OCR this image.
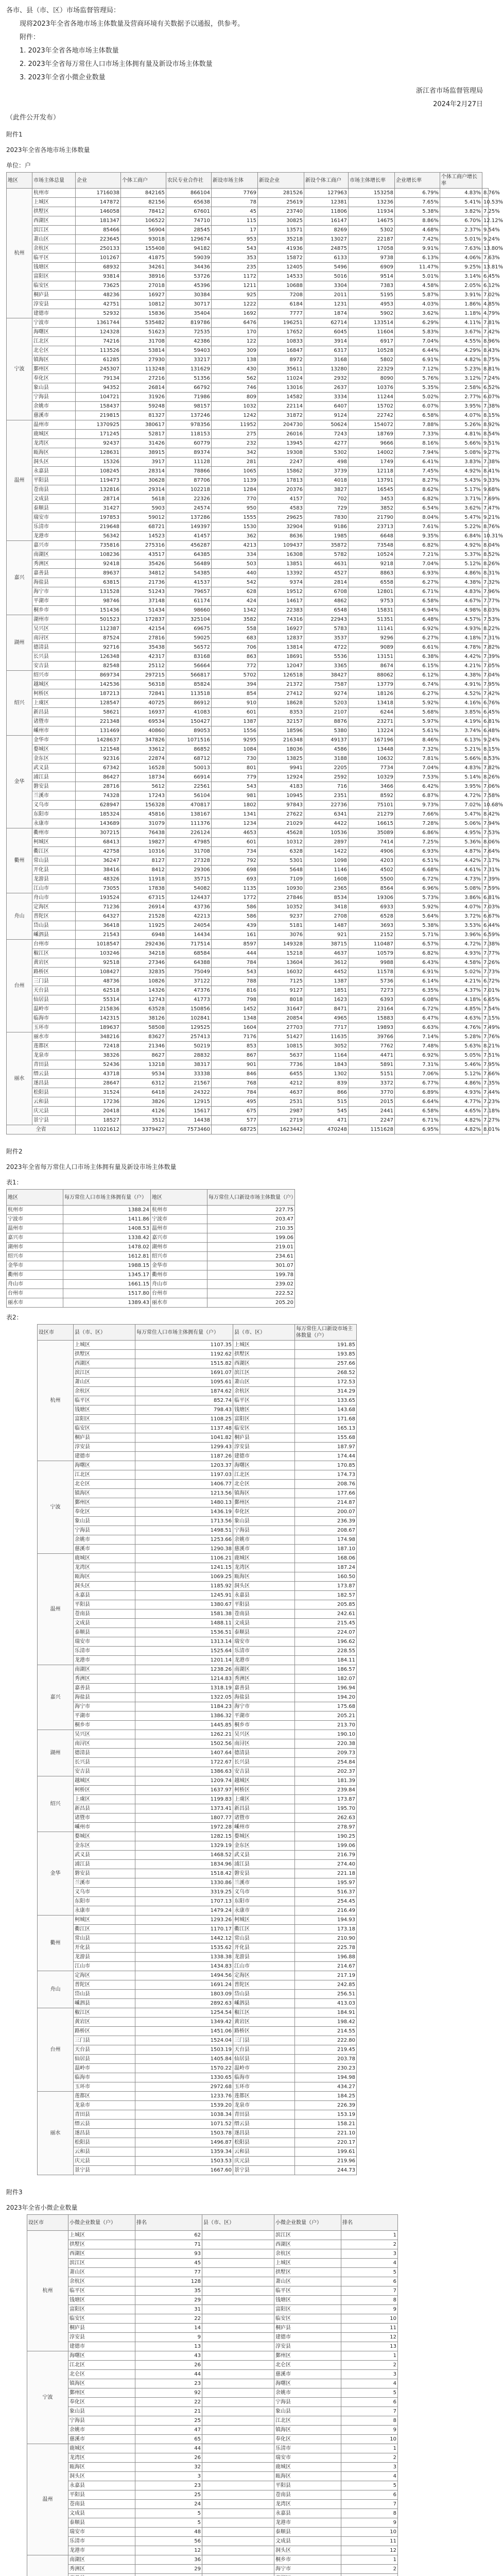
各市、县（市、区）市场监督管理局：

现将2023年全省各地市场主体数量及营商环境有关数据予以通报，供参考。

附件：

1. 2023年全省各地市场主体数量

2. 2023年全省每万常住人口市场主体拥有量及新设市场主体数量

3. 2023年全省小微企业数量

浙江省市场监督管理局

2024年2月27日

（此件公开发布）

附件1

2023年全省各地市场主体数量

单位：户

地区	市场主体总量	企业	个体工商户	农民专业合作社	新设市场主体	新设企业	新设个体工商户	市场主体增长率	企业增长率	个体工商户增长率	
杭州	杭州市	1716038	842165	866104	7769	281526	127963	153258	6.79%	4.83%	8.76%
	上城区	147872	82156	65638	78	25619	12381	13236	7.65%	5.41%	10.53%
	拱墅区	146058	78412	67601	45	23740	11806	11934	5.38%	3.82%	7.25%
	西湖区	181347	106522	74710	115	30825	16147	14675	8.86%	6.70%	12.12%
	滨江区	85466	56904	28545	17	13571	8269	5302	4.68%	2.37%	9.54%
	萧山区	223645	93018	129674	953	35218	13027	22187	7.42%	5.01%	9.24%
	余杭区	250133	155408	94182	543	41936	24875	17058	9.91%	7.63%	13.80%
	临平区	101267	41875	59039	353	15872	6133	9738	6.13%	4.06%	7.63%
	钱塘区	68932	34261	34436	235	12405	5496	6909	11.47%	9.25%	13.81%
	富阳区	93814	38916	53726	1172	14533	5016	9514	5.01%	3.14%	6.45%
	临安区	73625	27018	45396	1211	10688	3304	7383	4.58%	2.05%	6.12%
	桐庐县	48236	16927	30384	925	7208	2011	5195	5.87%	3.91%	7.02%
	淳安县	42751	10812	30717	1222	6184	1231	4953	4.03%	1.86%	4.85%
	建德市	52932	15836	35404	1692	7777	1874	5902	3.62%	1.18%	4.79%
宁波	宁波市	1361744	535482	819786	6476	196251	62714	133514	6.29%	4.11%	7.81%
	海曙区	124328	51623	72535	170	17652	6045	11604	5.83%	3.67%	7.42%
	江北区	74216	31708	42386	122	10833	3914	6917	7.04%	4.55%	8.96%
	北仑区	113526	53814	59403	309	16847	6317	10528	6.44%	4.29%	8.43%
	镇海区	61285	27930	33217	138	8972	3168	5802	6.91%	4.82%	8.75%
	鄞州区	245307	113248	131629	430	35611	13280	22329	7.12%	5.23%	8.81%
	奉化区	79134	27216	51356	562	11024	2932	8090	5.76%	3.12%	7.24%
	象山县	94352	26814	66792	746	13016	2637	10376	5.35%	2.58%	6.52%
	宁海县	104721	31926	71986	809	14582	3334	11244	5.02%	2.77%	6.07%
	余姚市	158437	59248	98157	1032	22114	6407	15702	6.07%	3.95%	7.38%
	慈溪市	219815	81327	137246	1242	31872	9124	22742	6.58%	4.07%	8.15%
温州	温州市	1370925	380617	978356	11952	204730	50624	154072	7.88%	5.26%	8.92%
	鹿城区	171245	52817	118153	275	26016	7243	18769	7.33%	4.81%	8.54%
	龙湾区	92437	31426	60779	232	13945	4277	9666	8.16%	5.66%	9.51%
	瓯海区	128631	38915	89374	342	19308	5302	14002	7.94%	5.08%	9.27%
	洞头区	15326	3917	11128	281	2247	498	1749	6.41%	3.83%	7.38%
	永嘉县	108245	28314	78866	1065	15862	3739	12118	7.45%	4.92%	8.41%
	平阳县	119473	30628	87706	1139	17813	4018	13791	8.27%	5.43%	9.33%
	苍南县	132816	29314	102218	1284	20376	3827	16545	8.62%	5.17%	9.68%
	文成县	28714	5618	22326	770	4157	702	3453	6.82%	3.71%	7.69%
	泰顺县	31427	5903	24574	950	4583	729	3852	6.54%	3.62%	7.47%
	瑞安市	197853	59012	137286	1555	29625	7830	21790	8.04%	5.47%	9.21%
	乐清市	219648	68721	149397	1530	32904	9186	23713	7.61%	5.22%	8.76%
	龙港市	56342	14523	41457	362	8636	1985	6648	9.35%	6.84%	10.31%
嘉兴	嘉兴市	735816	275316	456287	4213	109437	35872	73548	6.82%	4.92%	8.04%
	南湖区	108236	43517	64385	334	16308	5782	10524	7.21%	5.37%	8.52%
	秀洲区	92418	35426	56489	503	13851	4631	9218	7.04%	5.12%	8.26%
	嘉善县	89637	34812	54385	440	13392	4527	8863	6.93%	4.86%	8.31%
	海盐县	63815	21736	41537	542	9374	2814	6558	6.27%	4.38%	7.32%
	海宁市	131528	51243	79657	628	19512	6708	12801	6.71%	4.83%	7.96%
	平湖市	98746	37148	61174	424	14617	4862	9753	6.58%	4.67%	7.77%
	桐乡市	151436	51434	98660	1342	22383	6548	15831	6.94%	4.98%	8.03%
湖州	湖州市	501523	172837	325104	3582	74316	22943	51351	6.48%	4.57%	7.53%
	吴兴区	112387	42154	69675	558	16927	5783	11141	6.92%	4.93%	8.22%
	南浔区	87524	27816	59025	683	12837	3537	9296	6.27%	4.18%	7.31%
	德清县	92716	35438	56572	706	13814	4722	9089	6.61%	4.78%	7.82%
	长兴县	126348	42317	83168	863	18691	5536	13151	6.38%	4.42%	7.39%
	安吉县	82548	25112	56664	772	12047	3365	8674	6.15%	4.21%	7.05%
绍兴	绍兴市	869734	297215	566817	5702	126518	38427	88062	6.12%	4.38%	7.04%
	越城区	142536	56318	85824	394	21372	7587	13779	6.74%	4.91%	7.95%
	柯桥区	187213	72841	113518	854	27412	9274	18126	6.27%	4.52%	7.42%
	上虞区	128547	40725	86912	910	18628	5203	13418	5.92%	4.16%	6.76%
	新昌县	58621	16937	41083	601	8353	2107	6244	5.68%	3.85%	6.45%
	诸暨市	221348	69534	150427	1387	32157	8876	23271	5.97%	4.19%	6.81%
	嵊州市	131469	40860	89053	1556	18596	5380	13224	5.61%	3.74%	6.48%
金华	金华市	1428637	347826	1071516	9295	216348	49137	167196	8.46%	6.13%	9.24%
	婺城区	121548	33612	86852	1084	18036	4586	13448	7.32%	5.21%	8.15%
	金东区	92316	22874	68712	730	13825	3188	10632	7.81%	5.66%	8.53%
	武义县	67342	16528	50013	801	9941	2205	7734	7.04%	4.83%	7.82%
	浦江县	86427	18734	66914	779	12924	2592	10329	7.53%	5.14%	8.26%
	磐安县	28716	5612	22561	543	4183	716	3466	6.42%	3.95%	7.06%
	兰溪市	74328	17243	56104	981	10945	2351	8592	6.87%	4.72%	7.58%
	义乌市	628947	156328	470817	1802	97843	22736	75101	9.73%	7.02%	10.68%
	东阳市	185324	45816	138167	1341	27622	6341	21279	7.66%	5.47%	8.42%
	永康市	143689	31079	111376	1234	21029	4422	16615	7.28%	5.06%	7.94%
衢州	衢州市	307215	76438	226124	4653	45628	10536	35089	6.86%	4.95%	7.53%
	柯城区	68413	19827	47985	601	10312	2897	7414	7.25%	5.36%	8.06%
	衢江区	42758	10316	31708	734	6328	1422	4906	6.93%	4.87%	7.64%
	常山县	36247	8127	27328	792	5301	1098	4203	6.51%	4.42%	7.17%
	开化县	38416	8412	29306	698	5648	1146	4502	6.68%	4.61%	7.31%
	龙游县	48326	11918	35715	693	7109	1608	5500	6.72%	4.73%	7.39%
	江山市	73055	17838	54082	1135	10930	2365	8564	6.96%	5.08%	7.59%
舟山	舟山市	193524	67315	124437	1772	27846	8534	19306	5.73%	3.86%	6.81%
	定海区	71236	26914	43736	586	10352	3418	6933	5.92%	4.07%	7.03%
	普陀区	64327	21528	42213	586	9237	2708	6528	5.64%	3.72%	6.67%
	岱山县	36418	11925	24054	439	5181	1487	3693	5.38%	3.53%	6.44%
	嵊泗县	21543	6948	14434	161	3076	921	2152	5.71%	3.96%	6.59%
台州	台州市	1018547	292436	717514	8597	149328	38715	110487	6.57%	4.72%	7.38%
	椒江区	103246	34218	68584	444	15218	4637	10579	6.82%	4.93%	7.77%
	黄岩区	92518	27346	64388	784	13604	3612	9988	6.43%	4.58%	7.26%
	路桥区	108427	32835	75049	543	16032	4452	11578	6.91%	5.02%	7.73%
	三门县	48736	10826	37122	788	7125	1387	5736	6.14%	4.21%	6.72%
	天台县	62518	14326	47376	816	9127	1851	7273	6.35%	4.37%	7.01%
	仙居县	55314	12743	41773	798	8018	1623	6393	6.08%	4.18%	6.65%
	温岭市	215836	63528	150856	1452	31647	8471	23164	6.72%	4.85%	7.54%
	临海市	142315	38126	102841	1348	20854	4965	15883	6.47%	4.63%	7.15%
	玉环市	189637	58508	129525	1604	27703	7717	19893	6.63%	4.76%	7.49%
丽水	丽水市	348216	83627	257413	7176	51427	11635	39766	7.14%	5.28%	7.76%
	莲都区	72418	21346	50219	853	10815	3052	7762	7.48%	5.63%	8.21%
	龙泉市	38326	8627	28832	867	5637	1164	4471	6.92%	5.05%	7.51%
	青田县	52436	13218	38317	901	7736	1843	5891	7.31%	5.46%	7.95%
	缙云县	43718	9534	33338	846	6455	1302	5151	7.06%	5.12%	7.66%
	遂昌县	28647	6312	21567	768	4212	839	3372	6.77%	4.86%	7.35%
	松阳县	31524	6418	24322	784	4637	866	3770	6.89%	4.93%	7.44%
	云和县	17236	3826	12915	495	2531	515	2015	6.64%	4.77%	7.23%
	庆元县	20418	4126	15617	675	2987	545	2441	6.58%	4.65%	7.18%
	景宁县	18527	3512	14438	577	2719	471	2247	6.71%	4.82%	7.27%
全省		11021612	3379427	7573460	68725	1623442	470248	1151628	6.95%	4.82%	8.01%

附件2

2023年全省每万常住人口市场主体拥有量及新设市场主体数量

表1：

地区	每万常住人口市场主体拥有量（户）	地区	每万常住人口新设市场主体数量（户）
杭州市	1388.24	杭州市	227.75
宁波市	1411.86	宁波市	203.47
温州市	1408.53	温州市	210.35
嘉兴市	1338.42	嘉兴市	199.06
湖州市	1478.02	湖州市	219.01
绍兴市	1612.81	绍兴市	234.61
金华市	1988.15	金华市	301.07
衢州市	1345.17	衢州市	199.78
舟山市	1661.15	舟山市	239.02
台州市	1517.80	台州市	222.52
丽水市	1389.43	丽水市	205.20

表2：

设区市	县（市、区）	每万常住人口市场主体拥有量（户）	县（市、区）	每万常住人口新设市场主体数量（户）
杭州	上城区	1107.35	上城区	191.85
	拱墅区	1192.62	拱墅区	193.85
	西湖区	1515.82	西湖区	257.66
	滨江区	1691.07	滨江区	268.52
	萧山区	1095.61	萧山区	172.53
	余杭区	1874.62	余杭区	314.29
	临平区	852.74	临平区	133.65
	钱塘区	798.43	钱塘区	143.68
	富阳区	1108.25	富阳区	171.68
	临安区	1137.48	临安区	165.13
	桐庐县	1041.82	桐庐县	155.68
	淳安县	1299.43	淳安县	187.97
	建德市	1187.26	建德市	174.44
宁波	海曙区	1203.37	海曙区	170.85
	江北区	1197.03	江北区	174.73
	北仑区	1406.77	北仑区	208.76
	镇海区	1213.56	镇海区	177.66
	鄞州区	1480.13	鄞州区	214.87
	奉化区	1436.19	奉化区	200.07
	象山县	1713.56	象山县	236.39
	宁海县	1498.51	宁海县	208.67
	余姚市	1253.66	余姚市	174.98
	慈溪市	1290.38	慈溪市	187.10
温州	鹿城区	1106.21	鹿城区	168.06
	龙湾区	1241.15	龙湾区	187.24
	瓯海区	1069.25	瓯海区	160.50
	洞头区	1185.92	洞头区	173.87
	永嘉县	1245.91	永嘉县	182.57
	平阳县	1380.67	平阳县	205.85
	苍南县	1581.38	苍南县	242.61
	文成县	1488.11	文成县	215.45
	泰顺县	1536.51	泰顺县	224.07
	瑞安市	1313.14	瑞安市	196.62
	乐清市	1525.64	乐清市	228.55
	龙港市	1201.14	龙港市	184.11
嘉兴	南湖区	1238.26	南湖区	186.57
	秀洲区	1214.83	秀洲区	182.07
	嘉善县	1318.19	嘉善县	196.94
	海盐县	1322.05	海盐县	194.20
	海宁市	1184.23	海宁市	175.68
	平湖市	1386.32	平湖市	205.21
	桐乡市	1445.85	桐乡市	213.70
湖州	吴兴区	1262.21	吴兴区	190.10
	南浔区	1502.56	南浔区	220.38
	德清县	1407.64	德清县	209.73
	长兴县	1722.67	长兴县	254.84
	安吉县	1386.63	安吉县	202.37
绍兴	越城区	1209.74	越城区	181.39
	柯桥区	1637.97	柯桥区	239.84
	上虞区	1199.83	上虞区	173.87
	新昌县	1373.41	新昌县	195.70
	诸暨市	1807.77	诸暨市	262.63
	嵊州市	1972.28	嵊州市	278.97
金华	婺城区	1282.15	婺城区	190.25
	金东区	1329.19	金东区	199.06
	武义县	1468.52	武义县	216.79
	浦江县	1834.96	浦江县	274.40
	磐安县	1518.42	磐安县	221.18
	兰溪市	1330.86	兰溪市	195.97
	义乌市	3319.25	义乌市	516.37
	东阳市	1707.13	东阳市	254.45
	永康市	1479.24	永康市	216.49
衢州	柯城区	1293.26	柯城区	194.93
	衢江区	1170.17	衢江区	173.18
	常山县	1442.12	常山县	210.90
	开化县	1535.62	开化县	225.78
	龙游县	1338.38	龙游县	196.88
	江山市	1434.83	江山市	214.67
舟山	定海区	1494.56	定海区	217.19
	普陀区	1691.24	普陀区	242.85
	岱山县	1803.09	岱山县	256.51
	嵊泗县	2892.63	嵊泗县	413.03
台州	椒江区	1254.54	椒江区	184.91
	黄岩区	1349.42	黄岩区	198.42
	路桥区	1451.06	路桥区	214.55
	三门县	1524.04	三门县	222.80
	天台县	1503.19	天台县	219.45
	仙居县	1405.84	仙居县	203.78
	温岭市	1570.22	温岭市	230.23
	临海市	1330.65	临海市	194.98
	玉环市	2972.68	玉环市	434.27
丽水	莲都区	1233.76	莲都区	184.25
	龙泉市	1539.20	龙泉市	226.39
	青田县	1038.34	青田县	153.19
	缙云县	1071.52	缙云县	158.21
	遂昌县	1503.78	遂昌县	221.10
	松阳县	1496.87	松阳县	220.17
	云和县	1359.34	云和县	199.61
	庆元县	1503.53	庆元县	219.96
	景宁县	1667.60	景宁县	244.73

附件3

2023年全省小微企业数量

设区市	小微企业数量（户）	排名	县（市、区）	小微企业数量（户）	排名
杭州	上城区	62		滨江区	1
	拱墅区	71		西湖区	2
	西湖区	93		余杭区	3
	滨江区	45		上城区	4
	萧山区	77		拱墅区	5
	余杭区	128		萧山区	6
	临平区	35		临平区	7
	钱塘区	29		钱塘区	8
	富阳区	31		富阳区	9
	临安区	22		临安区	10
	桐庐县	14		桐庐县	11
	淳安县	9		建德市	12
	建德市	13		淳安县	13
宁波	海曙区	43		鄞州区	1
	江北区	26		北仑区	2
	北仑区	44		慈溪市	3
	镇海区	23		海曙区	4
	鄞州区	92		余姚市	5
	奉化区	22		宁海县	6
	象山县	21		象山县	7
	宁海县	25		江北区	8
	余姚市	47		镇海区	9
	慈溪市	65		奉化区	10
温州	鹿城区	44		乐清市	1
	龙湾区	26		瑞安市	2
	瓯海区	32		鹿城区	3
	洞头区	3		瓯海区	4
	永嘉县	23		平阳县	5
	平阳县	25		苍南县	6
	苍南县	24		龙湾区	7
	文成县	5		永嘉县	8
	泰顺县	5		龙港市	9
	瑞安市	48		泰顺县	10
	乐清市	56		文成县	11
	龙港市	12		洞头区	12
	南湖区	36		桐乡市	1
	秀洲区	29		海宁市	2
